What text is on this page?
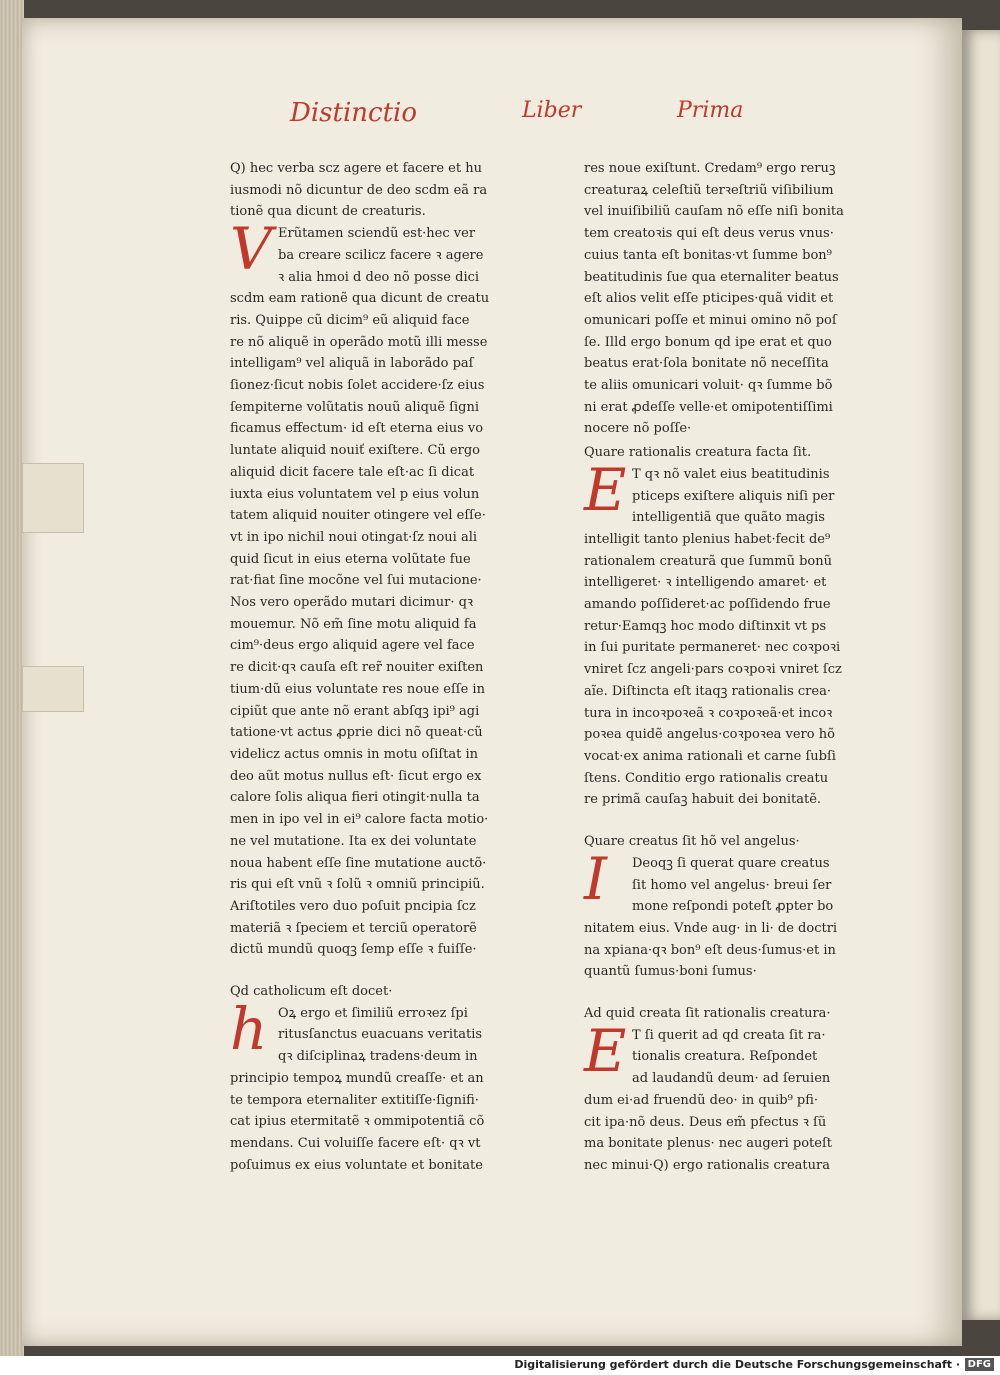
Distinctio	Liber	Prima
Q) hec verba scz agere et facere et hu
iusmodi nõ dicuntur de deo scdm eã ra
tionẽ qua dicunt de creaturis.
V Erũtamen sciendũ est·hec ver
ba creare scilicz facere ꝛ agere
ꝛ alia hmoi d deo nõ posse dici
scdm eam rationẽ qua dicunt de creatu
ris. Quippe cũ dicim⁹ eũ aliquid face
re nõ aliquẽ in operãdo motũ illi messe
intelligam⁹ vel aliquã in laborãdo paſ
ſionez·ſicut nobis ſolet accidere·ſz eius
ſempiterne volũtatis nouũ aliquẽ ſigni
ficamus effectum· id eſt eterna eius vo
luntate aliquid nouiť exiſtere. Cũ ergo
aliquid dicit facere tale eſt·ac ſi dicat
iuxta eius voluntatem vel p eius volun
tatem aliquid nouiter otingere vel eſſe·
vt in ipo nichil noui otingat·ſz noui ali
quid ſicut in eius eterna volũtate fue
rat·fiat ſine mocõne vel ſui mutacione·
Nos vero operãdo mutari dicimur· qꝛ
mouemur. Nõ em̃ ſine motu aliquid fa
cim⁹·deus ergo aliquid agere vel face
re dicit·qꝛ cauſa eſt rer̃ nouiter exiſten
tium·dũ eius voluntate res noue eſſe in
cipiũt que ante nõ erant abſqꝫ ipi⁹ agi
tatione·vt actus ꝓprie dici nõ queat·cũ
videlicz actus omnis in motu oſiſtat in
deo aũt motus nullus eſt· ſicut ergo ex
calore ſolis aliqua fieri otingit·nulla ta
men in ipo vel in ei⁹ calore facta motio·
ne vel mutatione. Ita ex dei voluntate
noua habent eſſe ſine mutatione auctõ·
ris qui eſt vnũ ꝛ ſolũ ꝛ omniũ principiũ.
Ariſtotiles vero duo poſuit pncipia ſcz
materiã ꝛ ſpeciem et terciũ operatorẽ
dictũ mundũ quoqꝫ ſemp eſſe ꝛ fuiſſe·
Qd catholicum eſt docet·
h Oꝝ ergo et ſimiliũ erroꝛez ſpi
ritusſanctus euacuans veritatis
qꝛ diſciplinaꝝ tradens·deum in
principio tempoꝝ mundũ creaſſe· et an
te tempora eternaliter extitiſſe·ſignifi·
cat ipius etermitatẽ ꝛ ommipotentiã cõ
mendans. Cui voluiſſe facere eſt· qꝛ vt
poſuimus ex eius voluntate et bonitate
res noue exiſtunt. Credam⁹ ergo reruꝫ
creaturaꝝ celeſtiũ terꝛeſtriũ viſibilium
vel inuiſibiliũ cauſam nõ eſſe niſi bonita
tem creatoꝛis qui eſt deus verus vnus·
cuius tanta eſt bonitas·vt ſumme bon⁹
beatitudinis ſue qua eternaliter beatus
eſt alios velit eſſe pticipes·quã vidit et
omunicari poſſe et minui omino nõ poſ
ſe. Illd ergo bonum qd ipe erat et quo
beatus erat·ſola bonitate nõ neceſſita
te aliis omunicari voluit· qꝛ ſumme bõ
ni erat ꝓdeſſe velle·et omipotentiſſimi
nocere nõ poſſe·
Quare rationalis creatura facta ſit.
E T qꝛ nõ valet eius beatitudinis
pticeps exiſtere aliquis niſi per
intelligentiã que quãto magis
intelligit tanto plenius habet·fecit de⁹
rationalem creaturã que ſummũ bonũ
intelligeret· ꝛ intelligendo amaret· et
amando poſſideret·ac poſſidendo frue
retur·Eamqꝫ hoc modo diſtinxit vt ps
in ſui puritate permaneret· nec coꝛpoꝛi
vniret ſcz angeli·pars coꝛpoꝛi vniret ſcz
aĩe. Diſtincta eſt itaqꝫ rationalis crea·
tura in incoꝛpoꝛeã ꝛ coꝛpoꝛeã·et incoꝛ
poꝛea quidẽ angelus·coꝛpoꝛea vero hõ
vocat·ex anima rationali et carne ſubſi
ſtens. Conditio ergo rationalis creatu
re primã cauſaꝫ habuit dei bonitatẽ.
Quare creatus ſit hõ vel angelus·
I	Deoqꝫ ſi querat quare creatus
ſit homo vel angelus· breui ſer
mone reſpondi poteſt ꝓpter bo
nitatem eius. Vnde aug· in li· de doctri
na xpiana·qꝛ bon⁹ eſt deus·ſumus·et in
quantũ ſumus·boni ſumus·
Ad quid creata ſit rationalis creatura·
E T ſi querit ad qd creata ſit ra·
tionalis creatura. Reſpondet
ad laudandũ deum· ad ſeruien
dum ei·ad fruendũ deo· in quib⁹ pfi·
cit ipa·nõ deus. Deus em̃ pfectus ꝛ ſũ
ma bonitate plenus· nec augeri poteſt
nec minui·Q) ergo rationalis creatura
Digitalisierung gefördert durch die Deutsche Forschungsgemeinschaft · DFG
